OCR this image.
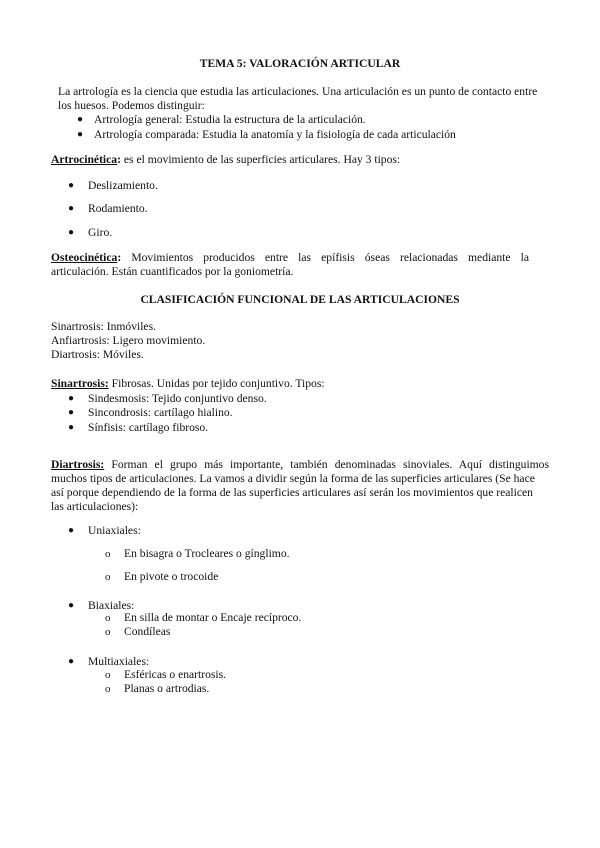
TEMA 5: VALORACIÓN ARTICULAR
La artrología es la ciencia que estudia las articulaciones. Una articulación es un punto de contacto entre
los huesos. Podemos distinguir:
● Artrología general: Estudia la estructura de la articulación.
● Artrología comparada: Estudia la anatomía y la fisiología de cada articulación
Artrocinética: es el movimiento de las superficies articulares. Hay 3 tipos:
● Deslizamiento.
● Rodamiento.
● Giro.
Osteocinética: Movimientos producidos entre las epífisis óseas relacionadas mediante la
articulación. Están cuantificados por la goniometría.
CLASIFICACIÓN FUNCIONAL DE LAS ARTICULACIONES
Sinartrosis: Inmóviles.
Anfiartrosis: Ligero movimiento.
Diartrosis: Móviles.
Sinartrosis: Fibrosas. Unidas por tejido conjuntivo. Tipos:
● Sindesmosis: Tejido conjuntivo denso.
● Sincondrosis: cartílago hialino.
● Sínfisis: cartílago fibroso.
Diartrosis: Forman el grupo más importante, también denominadas sinoviales. Aquí distinguimos
muchos tipos de articulaciones. La vamos a dividir según la forma de las superficies articulares (Se hace
así porque dependiendo de la forma de las superficies articulares así serán los movimientos que realicen
las articulaciones):
● Uniaxiales:
o En bisagra o Trocleares o gínglimo.
o En pivote o trocoide
● Biaxiales:
o En silla de montar o Encaje recíproco.
o Condíleas
● Multiaxiales:
o Esféricas o enartrosis.
o Planas o artrodias.
